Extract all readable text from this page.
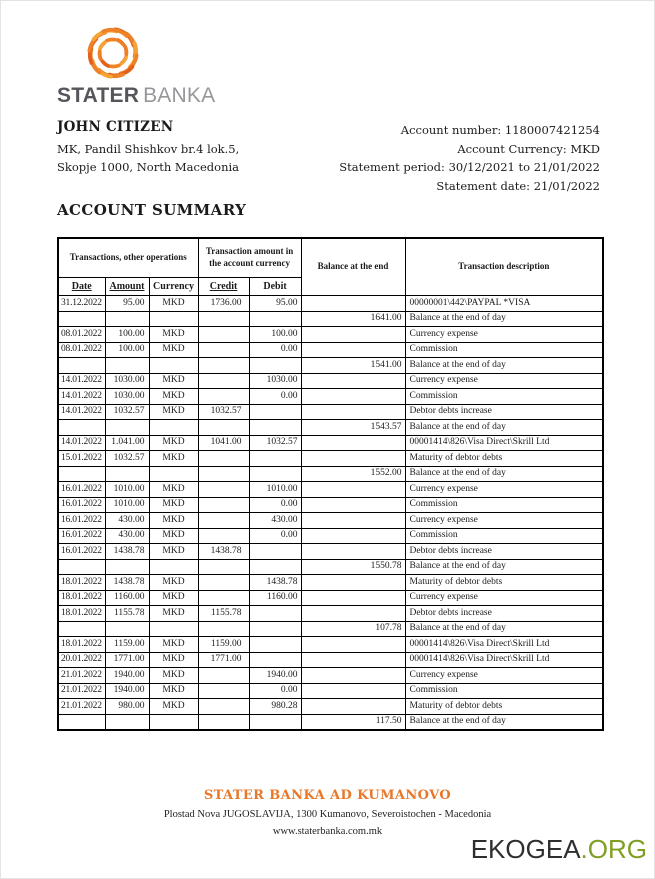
STATER BANKA
JOHN CITIZEN
MK, Pandil Shishkov br.4 lok.5,
Skopje 1000, North Macedonia
Account number: 1180007421254
Account Currency: MKD
Statement period: 30/12/2021 to 21/01/2022
Statement date: 21/01/2022
ACCOUNT SUMMARY
Transactions, other operations			Transaction amount in the account currency		Balance at the end	Transaction description
Date	Amount	Currency	Credit	Debit		
31.12.2022	95.00	MKD	1736.00	95.00		00000001\442\PAYPAL *VISA
					1641.00	Balance at the end of day
08.01.2022	100.00	MKD		100.00		Currency expense
08.01.2022	100.00	MKD		0.00		Commission
					1541.00	Balance at the end of day
14.01.2022	1030.00	MKD		1030.00		Currency expense
14.01.2022	1030.00	MKD		0.00		Commission
14.01.2022	1032.57	MKD	1032.57			Debtor debts increase
					1543.57	Balance at the end of day
14.01.2022	1.041.00	MKD	1041.00	1032.57		00001414\826\Visa Direct\Skrill Ltd
15.01.2022	1032.57	MKD				Maturity of debtor debts
					1552.00	Balance at the end of day
16.01.2022	1010.00	MKD		1010.00		Currency expense
16.01.2022	1010.00	MKD		0.00		Commission
16.01.2022	430.00	MKD		430.00		Currency expense
16.01.2022	430.00	MKD		0.00		Commission
16.01.2022	1438.78	MKD	1438.78			Debtor debts increase
					1550.78	Balance at the end of day
18.01.2022	1438.78	MKD		1438.78		Maturity of debtor debts
18.01.2022	1160.00	MKD		1160.00		Currency expense
18.01.2022	1155.78	MKD	1155.78			Debtor debts increase
					107.78	Balance at the end of day
18.01.2022	1159.00	MKD	1159.00			00001414\826\Visa Direct\Skrill Ltd
20.01.2022	1771.00	MKD	1771.00			00001414\826\Visa Direct\Skrill Ltd
21.01.2022	1940.00	MKD		1940.00		Currency expense
21.01.2022	1940.00	MKD		0.00		Commission
21.01.2022	980.00	MKD		980.28		Maturity of debtor debts
					117.50	Balance at the end of day
STATER BANKA AD KUMANOVO
Plostad Nova JUGOSLAVIJA, 1300 Kumanovo, Severoistochen - Macedonia
www.staterbanka.com.mk
EKOGEA.ORG
